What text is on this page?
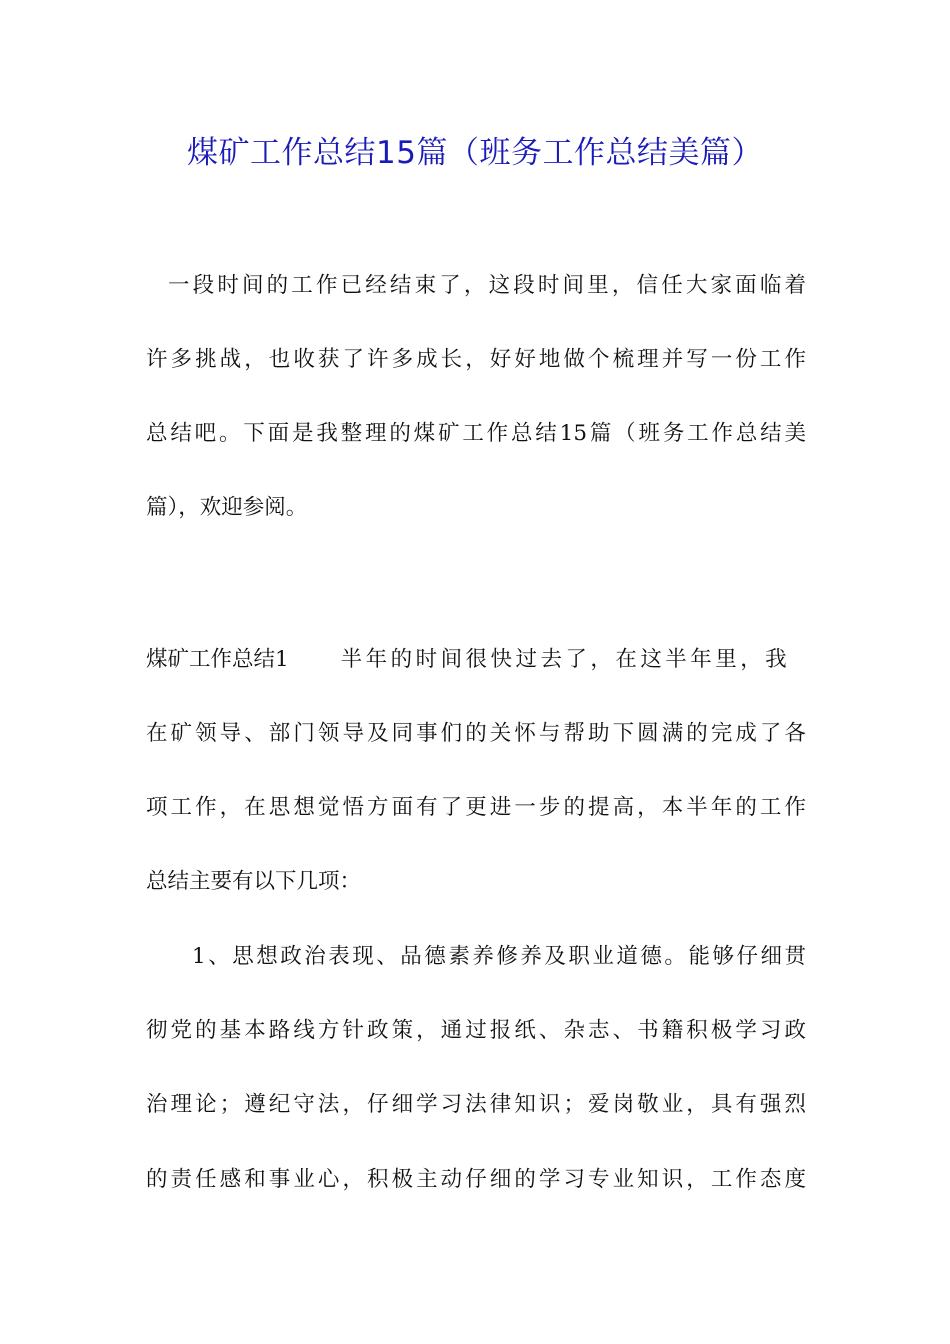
煤矿工作总结15篇（班务工作总结美篇）
一段时间的工作已经结束了，这段时间里，信任大家面临着
许多挑战，也收获了许多成长，好好地做个梳理并写一份工作
总结吧。下面是我整理的煤矿工作总结15篇（班务工作总结美
篇），欢迎参阅。
煤矿工作总结1 半年的时间很快过去了，在这半年里，我
在矿领导、部门领导及同事们的关怀与帮助下圆满的完成了各
项工作，在思想觉悟方面有了更进一步的提高，本半年的工作
总结主要有以下几项：
1、思想政治表现、品德素养修养及职业道德。能够仔细贯
彻党的基本路线方针政策，通过报纸、杂志、书籍积极学习政
治理论；遵纪守法，仔细学习法律知识；爱岗敬业，具有强烈
的责任感和事业心，积极主动仔细的学习专业知识，工作态度
